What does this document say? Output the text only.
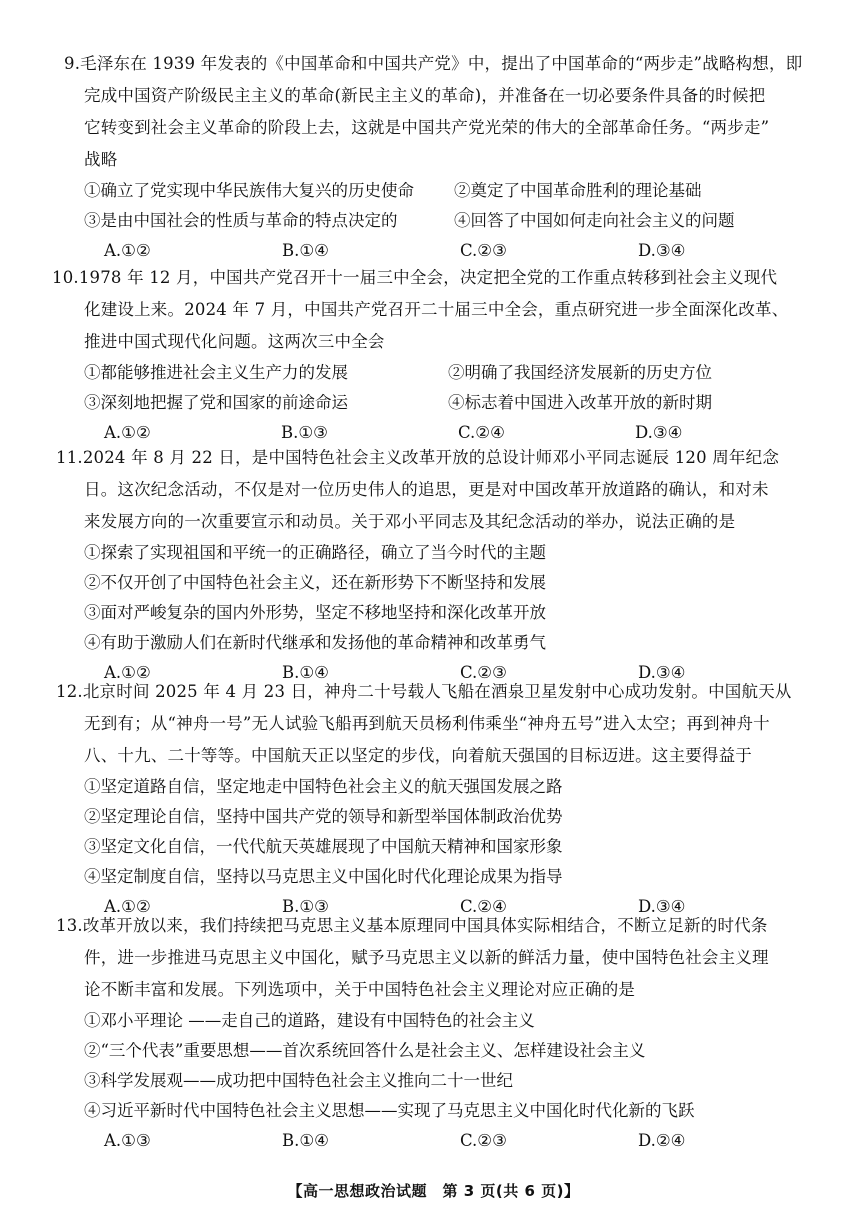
9.毛泽东在 1939 年发表的《中国革命和中国共产党》中，提出了中国革命的“两步走”战略构想，即
完成中国资产阶级民主主义的革命(新民主主义的革命)，并准备在一切必要条件具备的时候把
它转变到社会主义革命的阶段上去，这就是中国共产党光荣的伟大的全部革命任务。“两步走”
战略
①确立了党实现中华民族伟大复兴的历史使命	②奠定了中国革命胜利的理论基础
③是由中国社会的性质与革命的特点决定的	④回答了中国如何走向社会主义的问题
A.①②	B.①④	C.②③	D.③④
10.1978 年 12 月，中国共产党召开十一届三中全会，决定把全党的工作重点转移到社会主义现代
化建设上来。2024 年 7 月，中国共产党召开二十届三中全会，重点研究进一步全面深化改革、
推进中国式现代化问题。这两次三中全会
①都能够推进社会主义生产力的发展	②明确了我国经济发展新的历史方位
③深刻地把握了党和国家的前途命运	④标志着中国进入改革开放的新时期
A.①②	B.①③	C.②④	D.③④
11.2024 年 8 月 22 日，是中国特色社会主义改革开放的总设计师邓小平同志诞辰 120 周年纪念
日。这次纪念活动，不仅是对一位历史伟人的追思，更是对中国改革开放道路的确认，和对未
来发展方向的一次重要宣示和动员。关于邓小平同志及其纪念活动的举办，说法正确的是
①探索了实现祖国和平统一的正确路径，确立了当今时代的主题
②不仅开创了中国特色社会主义，还在新形势下不断坚持和发展
③面对严峻复杂的国内外形势，坚定不移地坚持和深化改革开放
④有助于激励人们在新时代继承和发扬他的革命精神和改革勇气
A.①②	B.①④	C.②③	D.③④
12.北京时间 2025 年 4 月 23 日，神舟二十号载人飞船在酒泉卫星发射中心成功发射。中国航天从
无到有；从“神舟一号”无人试验飞船再到航天员杨利伟乘坐“神舟五号”进入太空；再到神舟十
八、十九、二十等等。中国航天正以坚定的步伐，向着航天强国的目标迈进。这主要得益于
①坚定道路自信，坚定地走中国特色社会主义的航天强国发展之路
②坚定理论自信，坚持中国共产党的领导和新型举国体制政治优势
③坚定文化自信，一代代航天英雄展现了中国航天精神和国家形象
④坚定制度自信，坚持以马克思主义中国化时代化理论成果为指导
A.①②	B.①③	C.②④	D.③④
13.改革开放以来，我们持续把马克思主义基本原理同中国具体实际相结合，不断立足新的时代条
件，进一步推进马克思主义中国化，赋予马克思主义以新的鲜活力量，使中国特色社会主义理
论不断丰富和发展。下列选项中，关于中国特色社会主义理论对应正确的是
①邓小平理论 ——走自己的道路，建设有中国特色的社会主义
②“三个代表”重要思想——首次系统回答什么是社会主义、怎样建设社会主义
③科学发展观——成功把中国特色社会主义推向二十一世纪
④习近平新时代中国特色社会主义思想——实现了马克思主义中国化时代化新的飞跃
A.①③	B.①④	C.②③	D.②④
【高一思想政治试题　第 3 页(共 6 页)】
